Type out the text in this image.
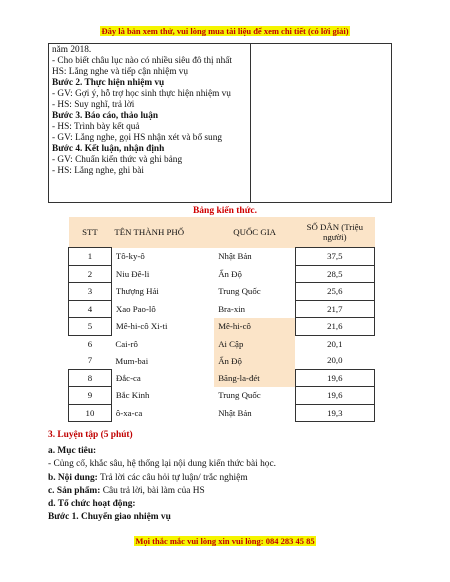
Đây là bản xem thử, vui lòng mua tài liệu để xem chi tiết (có lời giải)
năm 2018.
- Cho biết châu lục nào có nhiều siêu đô thị nhất
HS: Lắng nghe và tiếp cận nhiệm vụ
Bước 2. Thực hiện nhiệm vụ
- GV: Gợi ý, hỗ trợ học sinh thực hiện nhiệm vụ
- HS: Suy nghĩ, trả lời
Bước 3. Báo cáo, thảo luận
- HS: Trình bày kết quả
- GV: Lắng nghe, gọi HS nhận xét và bổ sung
Bước 4. Kết luận, nhận định
- GV: Chuẩn kiến thức và ghi bảng
- HS: Lắng nghe, ghi bài
Bảng kiến thức.
STT	TÊN THÀNH PHỐ	QUỐC GIA	SỐ DÂN (Triệu người)
1	Tô-ky-ô	Nhật Bản	37,5
2	Niu Đê-li	Ấn Độ	28,5
3	Thượng Hải	Trung Quốc	25,6
4	Xao Pao-lô	Bra-xin	21,7
5	Mê-hi-cô Xi-ti	Mê-hi-cô	21,6
6	Cai-rô	Ai Cập	20,1
7	Mum-bai	Ấn Độ	20,0
8	Đắc-ca	Băng-la-đét	19,6
9	Bắc Kinh	Trung Quốc	19,6
10	ô-xa-ca	Nhật Bản	19,3
3. Luyện tập (5 phút)
a. Mục tiêu:
- Củng cố, khắc sâu, hệ thống lại nội dung kiến thức bài học.
b. Nội dung: Trả lời các câu hỏi tự luận/ trắc nghiệm
c. Sản phẩm: Câu trả lời, bài làm của HS
d. Tổ chức hoạt động:
Bước 1. Chuyển giao nhiệm vụ
Mọi thắc mắc vui lòng xin vui lòng: 084 283 45 85
